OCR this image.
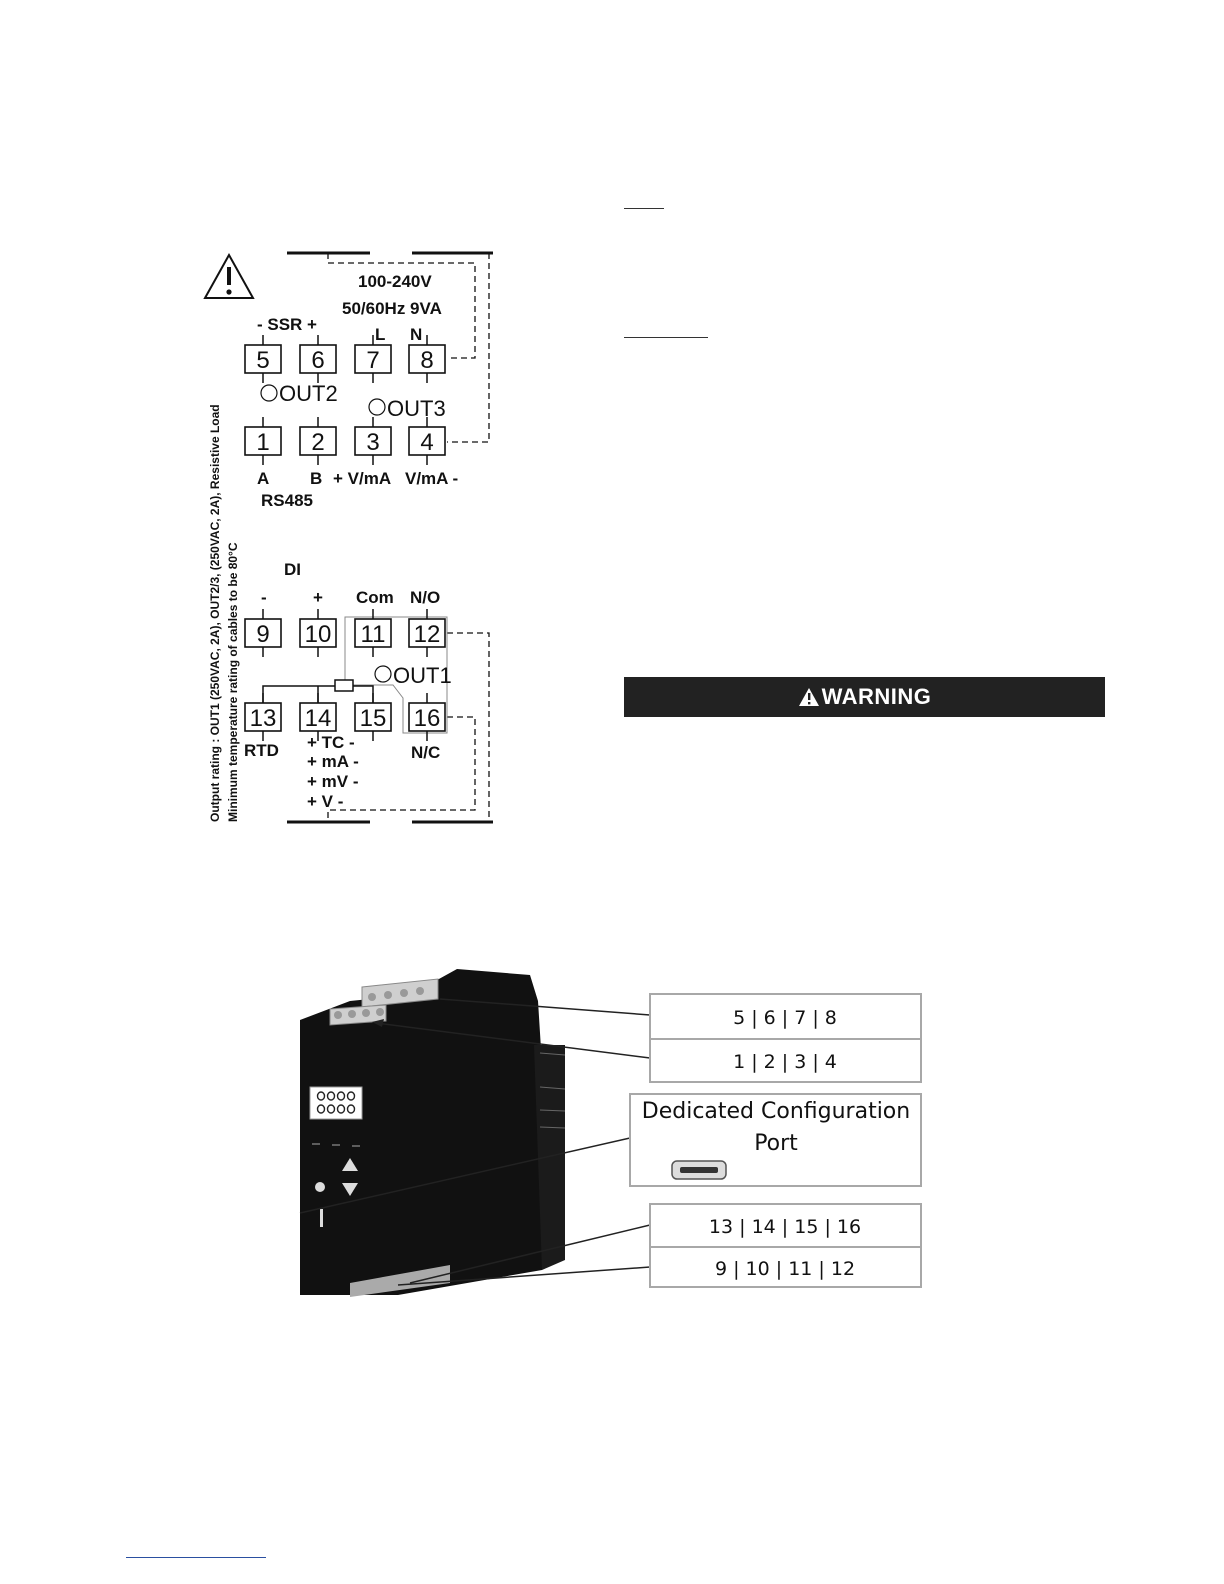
100-240V
50/60Hz 9VA
- SSR +
L N
5 6 7 8
OUT2
OUT3
1 2 3 4
A B + V/mA V/mA -
RS485
DI
-	+ Com N/O
9 10 11 12
OUT1
13 14 15 16
RTD + TC -
+ mA -
+ mV -
+ V -
N/C
Output rating : OUT1 (250VAC, 2A), OUT2/3, (250VAC, 2A), Resistive Load Minimum temperature rating of cables to be 80°C	WARNING
5 | 6 | 7 | 8
1 | 2 | 3 | 4
Dedicated Configuration
Port
13 | 14 | 15 | 16
9 | 10 | 11 | 12
